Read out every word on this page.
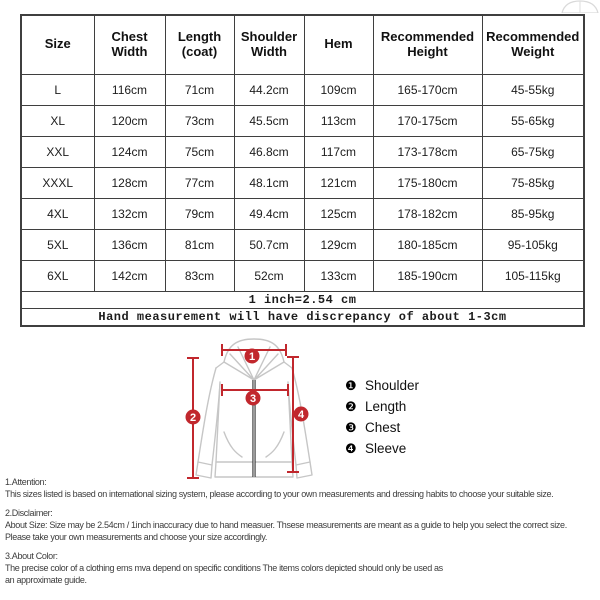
Size	Chest Width	Length (coat)	Shoulder Width	Hem	Recommended Height	Recommended Weight
L	116cm	71cm	44.2cm	109cm	165-170cm	45-55kg
XL	120cm	73cm	45.5cm	113cm	170-175cm	55-65kg
XXL	124cm	75cm	46.8cm	117cm	173-178cm	65-75kg
XXXL	128cm	77cm	48.1cm	121cm	175-180cm	75-85kg
4XL	132cm	79cm	49.4cm	125cm	178-182cm	85-95kg
5XL	136cm	81cm	50.7cm	129cm	180-185cm	95-105kg
6XL	142cm	83cm	52cm	133cm	185-190cm	105-115kg
1 inch=2.54 cm						
Hand measurement will have discrepancy of about 1-3cm						
1
2
3
4
❶ Shoulder
❷ Length
❸ Chest
❹ Sleeve
1.Attention:
This sizes listed is based on international sizing system, please according to your own measurements and dressing habits to choose your suitable size.
2.Disclaimer:
About Size: Size may be 2.54cm / 1inch inaccuracy due to hand measuer. Thsese measurements are meant as a guide to help you select the correct size.
Please take your own measurements and choose your size accordingly.
3.About Color:
The precise color of a clothing ems mva depend on specific conditions The items colors depicted should only be used as
an approximate guide.
